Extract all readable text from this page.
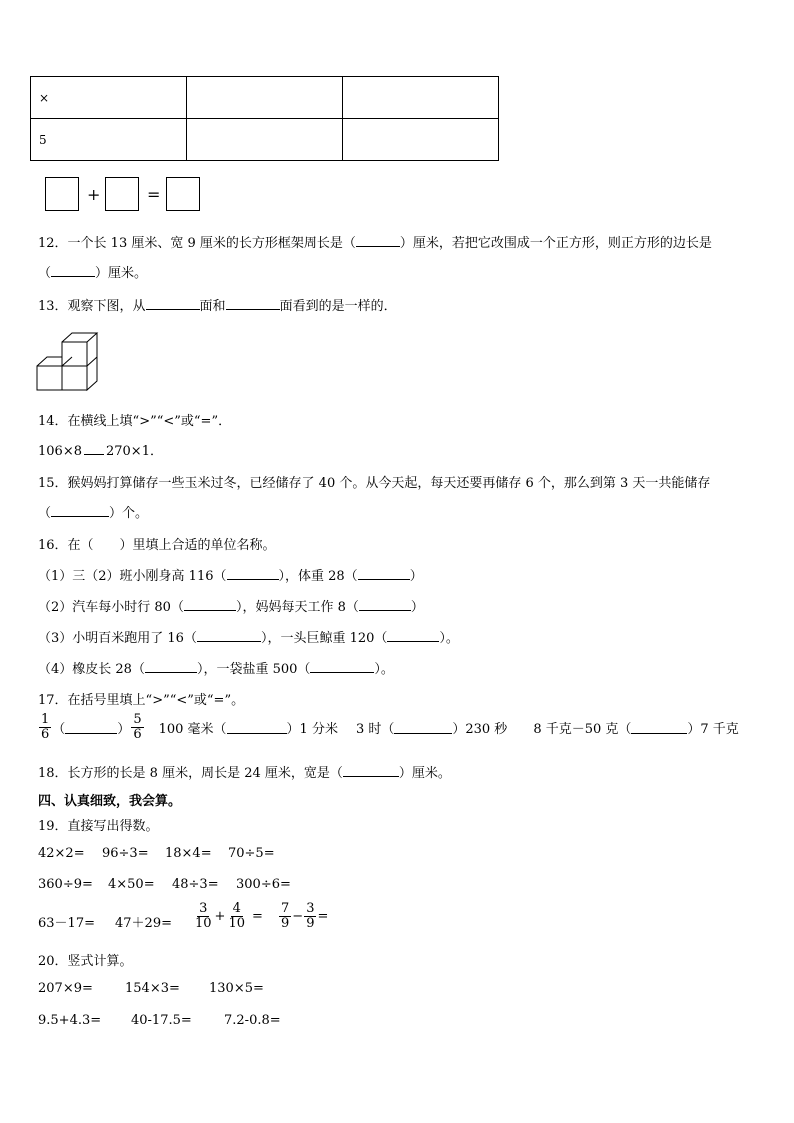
×		
5		
+	=
12．一个长 13 厘米、宽 9 厘米的长方形框架周长是（	）厘米，若把它改围成一个正方形，则正方形的边长是
（	）厘米。
13．观察下图，从	面和	面看到的是一样的．
14．在横线上填“>”“<”或“=”．
106×8 270×1．
15．猴妈妈打算储存一些玉米过冬，已经储存了 40 个。从今天起，每天还要再储存 6 个，那么到第 3 天一共能储存
（	）个。
16．在（　　）里填上合适的单位名称。
（1）三（2）班小刚身高 116（	），体重 28（	）
（2）汽车每小时行 80（	），妈妈每天工作 8（	）
（3）小明百米跑用了 16（	），一头巨鲸重 120（	）。
（4）橡皮长 28（	），一袋盐重 500（	）。
17．在括号里填上“>”“<”或“=”。
$\frac{1}{6}$ （	） $\frac{5}{6} 100$ 毫米（	）1 分米 3 时（	）230 秒 8 千克－50 克（	）7 千克
18．长方形的长是 8 厘米，周长是 24 厘米，宽是（	）厘米。
四、认真细致，我会算。
19．直接写出得数。
42×2= 96÷3= 18×4= 70÷5=
360÷9= 4×50= 48÷3= 300÷6=
$63-17= 47+29= \frac{3}{10} + \frac{4}{10} = \frac{7}{9} - \frac{3}{9}$ =
20．竖式计算。
207×9= 154×3= 130×5=
9.5+4.3= 40-17.5= 7.2-0.8=
